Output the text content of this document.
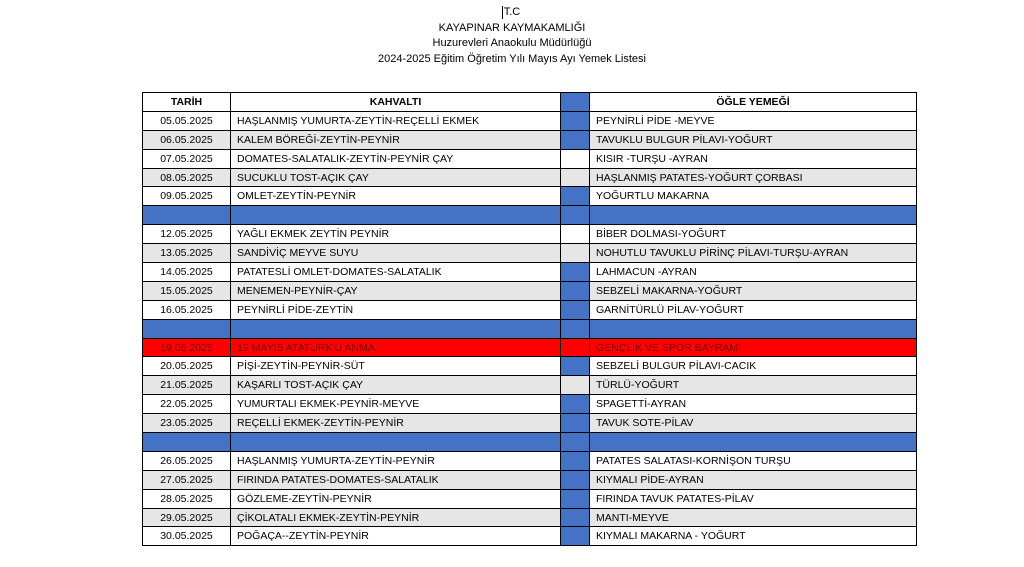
T.C
KAYAPINAR KAYMAKAMLIĞI
Huzurevleri Anaokulu Müdürlüğü
2024-2025 Eğitim Öğretim Yılı Mayıs Ayı Yemek Listesi
TARİH	KAHVALTI		ÖĞLE YEMEĞİ
05.05.2025	HAŞLANMIŞ YUMURTA-ZEYTİN-REÇELLİ EKMEK		PEYNİRLİ PİDE -MEYVE
06.05.2025	KALEM BÖREĞİ-ZEYTİN-PEYNİR		TAVUKLU BULGUR PİLAVI-YOĞURT
07.05.2025	DOMATES-SALATALIK-ZEYTİN-PEYNİR ÇAY		KISIR -TURŞU -AYRAN
08.05.2025	SUCUKLU TOST-AÇIK ÇAY		HAŞLANMIŞ PATATES-YOĞURT ÇORBASI
09.05.2025	OMLET-ZEYTİN-PEYNİR		YOĞURTLU MAKARNA

12.05.2025	YAĞLI EKMEK ZEYTİN PEYNİR		BİBER DOLMASI-YOĞURT
13.05.2025	SANDİVİÇ MEYVE SUYU		NOHUTLU TAVUKLU PİRİNÇ PİLAVI-TURŞU-AYRAN
14.05.2025	PATATESLİ OMLET-DOMATES-SALATALIK		LAHMACUN -AYRAN
15.05.2025	MENEMEN-PEYNİR-ÇAY		SEBZELİ MAKARNA-YOĞURT
16.05.2025	PEYNİRLİ PİDE-ZEYTİN		GARNİTÜRLÜ PİLAV-YOĞURT

19.05.2025	19 MAYIS ATATÜRK'Ü ANMA		GENÇLİK VE SPOR BAYRAMI
20.05.2025	PİŞİ-ZEYTİN-PEYNİR-SÜT		SEBZELİ BULGUR PİLAVI-CACIK
21.05.2025	KAŞARLI TOST-AÇIK ÇAY		TÜRLÜ-YOĞURT
22.05.2025	YUMURTALI EKMEK-PEYNİR-MEYVE		SPAGETTİ-AYRAN
23.05.2025	REÇELLİ EKMEK-ZEYTİN-PEYNİR		TAVUK SOTE-PİLAV

26.05.2025	HAŞLANMIŞ YUMURTA-ZEYTİN-PEYNİR		PATATES SALATASI-KORNİŞON TURŞU
27.05.2025	FIRINDA PATATES-DOMATES-SALATALIK		KIYMALI PİDE-AYRAN
28.05.2025	GÖZLEME-ZEYTİN-PEYNİR		FIRINDA TAVUK PATATES-PİLAV
29.05.2025	ÇİKOLATALI EKMEK-ZEYTİN-PEYNİR		MANTI-MEYVE
30.05.2025	POĞAÇA--ZEYTİN-PEYNİR		KIYMALI MAKARNA - YOĞURT
